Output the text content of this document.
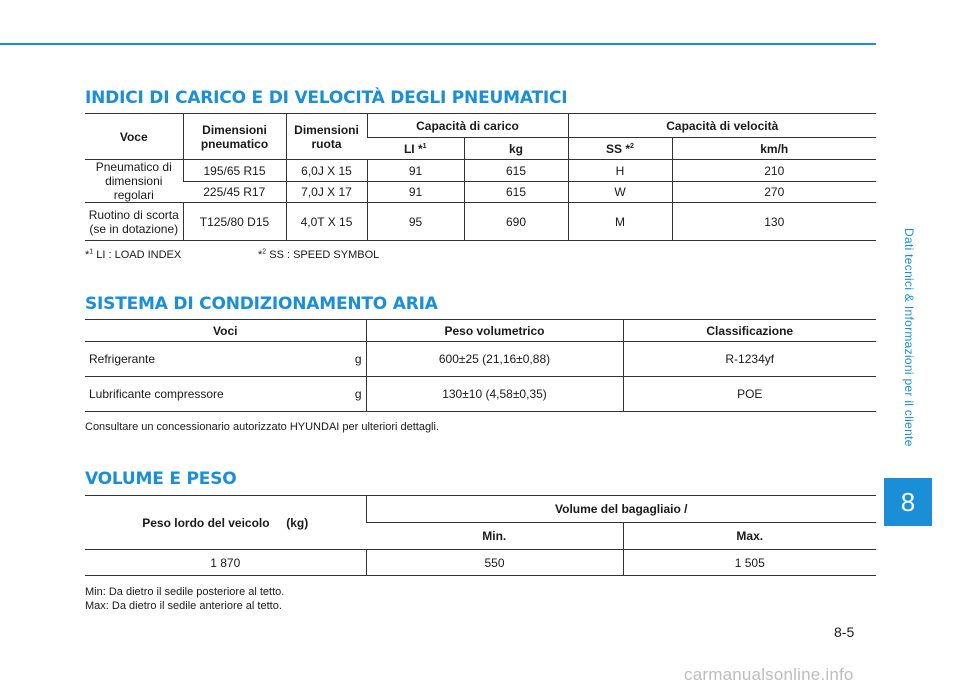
Dati tecnici & Informazioni per il cliente
8
INDICI DI CARICO E DI VELOCITÀ DEGLI PNEUMATICI
Voce	Dimensioni pneumatico	Dimensioni ruota	Capacità di carico		Capacità di velocità	
			LI *$^1$	kg	SS *$^2$	km/h
Pneumatico di dimensioni regolari	195/65 R15	6,0J X 15	91	615	H	210
	225/45 R17	7,0J X 17	91	615	W	270
Ruotino di scorta (se in dotazione)	T125/80 D15	4,0T X 15	95	690	M	130
*$^1$ LI : LOAD INDEX	*$^2$ SS : SPEED SYMBOL
SISTEMA DI CONDIZIONAMENTO ARIA
Voci	Peso volumetrico	Classificazione

Refrigerante g	600±25 (21,16±0,88)	R-1234yf

Lubrificante compressore g	130±10 (4,58±0,35)	POE
Consultare un concessionario autorizzato HYUNDAI per ulteriori dettagli.
VOLUME E PESO
Peso lordo del veicolo (kg)	Volume del bagagliaio /	
	Min.	Max.
1 870	550	1 505
Min: Da dietro il sedile posteriore al tetto.
Max: Da dietro il sedile anteriore al tetto.
8-5
carmanualsonline.info
